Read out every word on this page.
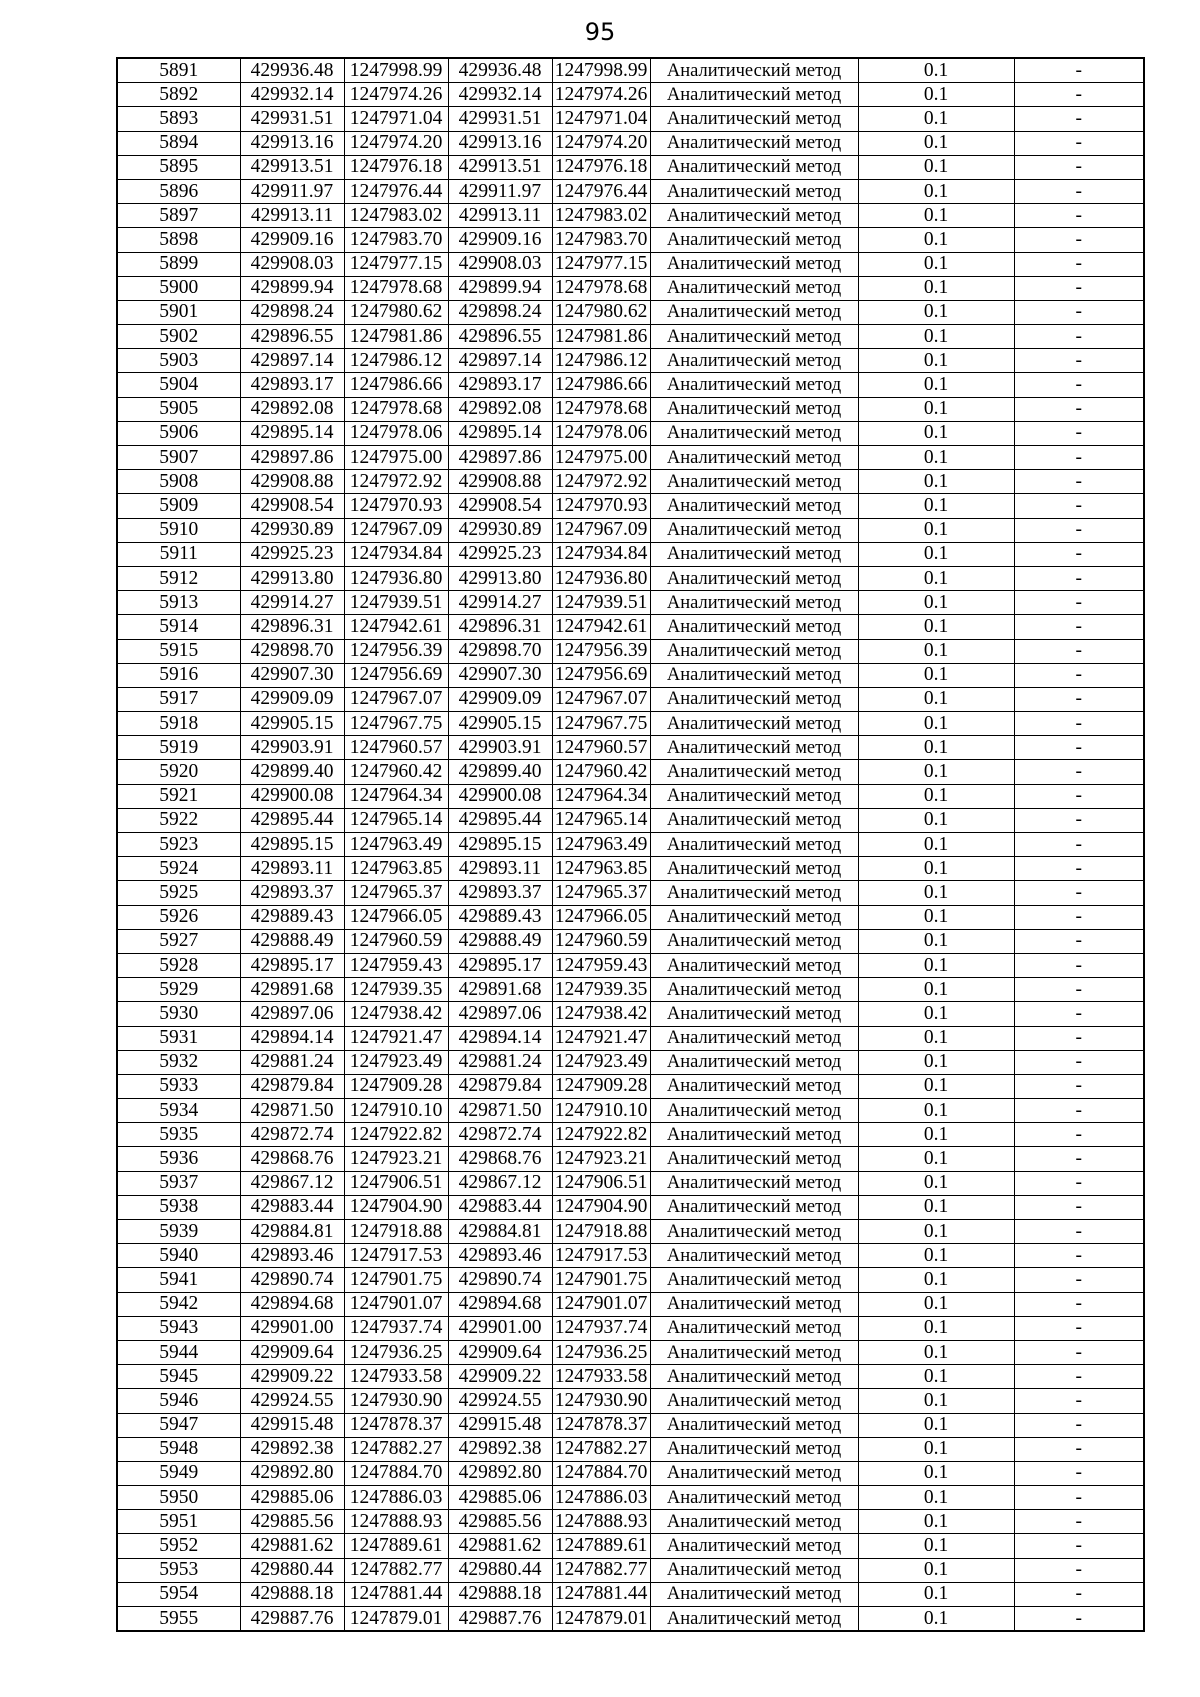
95
5891	429936.48	1247998.99	429936.48	1247998.99	Аналитический метод	0.1	-
5892	429932.14	1247974.26	429932.14	1247974.26	Аналитический метод	0.1	-
5893	429931.51	1247971.04	429931.51	1247971.04	Аналитический метод	0.1	-
5894	429913.16	1247974.20	429913.16	1247974.20	Аналитический метод	0.1	-
5895	429913.51	1247976.18	429913.51	1247976.18	Аналитический метод	0.1	-
5896	429911.97	1247976.44	429911.97	1247976.44	Аналитический метод	0.1	-
5897	429913.11	1247983.02	429913.11	1247983.02	Аналитический метод	0.1	-
5898	429909.16	1247983.70	429909.16	1247983.70	Аналитический метод	0.1	-
5899	429908.03	1247977.15	429908.03	1247977.15	Аналитический метод	0.1	-
5900	429899.94	1247978.68	429899.94	1247978.68	Аналитический метод	0.1	-
5901	429898.24	1247980.62	429898.24	1247980.62	Аналитический метод	0.1	-
5902	429896.55	1247981.86	429896.55	1247981.86	Аналитический метод	0.1	-
5903	429897.14	1247986.12	429897.14	1247986.12	Аналитический метод	0.1	-
5904	429893.17	1247986.66	429893.17	1247986.66	Аналитический метод	0.1	-
5905	429892.08	1247978.68	429892.08	1247978.68	Аналитический метод	0.1	-
5906	429895.14	1247978.06	429895.14	1247978.06	Аналитический метод	0.1	-
5907	429897.86	1247975.00	429897.86	1247975.00	Аналитический метод	0.1	-
5908	429908.88	1247972.92	429908.88	1247972.92	Аналитический метод	0.1	-
5909	429908.54	1247970.93	429908.54	1247970.93	Аналитический метод	0.1	-
5910	429930.89	1247967.09	429930.89	1247967.09	Аналитический метод	0.1	-
5911	429925.23	1247934.84	429925.23	1247934.84	Аналитический метод	0.1	-
5912	429913.80	1247936.80	429913.80	1247936.80	Аналитический метод	0.1	-
5913	429914.27	1247939.51	429914.27	1247939.51	Аналитический метод	0.1	-
5914	429896.31	1247942.61	429896.31	1247942.61	Аналитический метод	0.1	-
5915	429898.70	1247956.39	429898.70	1247956.39	Аналитический метод	0.1	-
5916	429907.30	1247956.69	429907.30	1247956.69	Аналитический метод	0.1	-
5917	429909.09	1247967.07	429909.09	1247967.07	Аналитический метод	0.1	-
5918	429905.15	1247967.75	429905.15	1247967.75	Аналитический метод	0.1	-
5919	429903.91	1247960.57	429903.91	1247960.57	Аналитический метод	0.1	-
5920	429899.40	1247960.42	429899.40	1247960.42	Аналитический метод	0.1	-
5921	429900.08	1247964.34	429900.08	1247964.34	Аналитический метод	0.1	-
5922	429895.44	1247965.14	429895.44	1247965.14	Аналитический метод	0.1	-
5923	429895.15	1247963.49	429895.15	1247963.49	Аналитический метод	0.1	-
5924	429893.11	1247963.85	429893.11	1247963.85	Аналитический метод	0.1	-
5925	429893.37	1247965.37	429893.37	1247965.37	Аналитический метод	0.1	-
5926	429889.43	1247966.05	429889.43	1247966.05	Аналитический метод	0.1	-
5927	429888.49	1247960.59	429888.49	1247960.59	Аналитический метод	0.1	-
5928	429895.17	1247959.43	429895.17	1247959.43	Аналитический метод	0.1	-
5929	429891.68	1247939.35	429891.68	1247939.35	Аналитический метод	0.1	-
5930	429897.06	1247938.42	429897.06	1247938.42	Аналитический метод	0.1	-
5931	429894.14	1247921.47	429894.14	1247921.47	Аналитический метод	0.1	-
5932	429881.24	1247923.49	429881.24	1247923.49	Аналитический метод	0.1	-
5933	429879.84	1247909.28	429879.84	1247909.28	Аналитический метод	0.1	-
5934	429871.50	1247910.10	429871.50	1247910.10	Аналитический метод	0.1	-
5935	429872.74	1247922.82	429872.74	1247922.82	Аналитический метод	0.1	-
5936	429868.76	1247923.21	429868.76	1247923.21	Аналитический метод	0.1	-
5937	429867.12	1247906.51	429867.12	1247906.51	Аналитический метод	0.1	-
5938	429883.44	1247904.90	429883.44	1247904.90	Аналитический метод	0.1	-
5939	429884.81	1247918.88	429884.81	1247918.88	Аналитический метод	0.1	-
5940	429893.46	1247917.53	429893.46	1247917.53	Аналитический метод	0.1	-
5941	429890.74	1247901.75	429890.74	1247901.75	Аналитический метод	0.1	-
5942	429894.68	1247901.07	429894.68	1247901.07	Аналитический метод	0.1	-
5943	429901.00	1247937.74	429901.00	1247937.74	Аналитический метод	0.1	-
5944	429909.64	1247936.25	429909.64	1247936.25	Аналитический метод	0.1	-
5945	429909.22	1247933.58	429909.22	1247933.58	Аналитический метод	0.1	-
5946	429924.55	1247930.90	429924.55	1247930.90	Аналитический метод	0.1	-
5947	429915.48	1247878.37	429915.48	1247878.37	Аналитический метод	0.1	-
5948	429892.38	1247882.27	429892.38	1247882.27	Аналитический метод	0.1	-
5949	429892.80	1247884.70	429892.80	1247884.70	Аналитический метод	0.1	-
5950	429885.06	1247886.03	429885.06	1247886.03	Аналитический метод	0.1	-
5951	429885.56	1247888.93	429885.56	1247888.93	Аналитический метод	0.1	-
5952	429881.62	1247889.61	429881.62	1247889.61	Аналитический метод	0.1	-
5953	429880.44	1247882.77	429880.44	1247882.77	Аналитический метод	0.1	-
5954	429888.18	1247881.44	429888.18	1247881.44	Аналитический метод	0.1	-
5955	429887.76	1247879.01	429887.76	1247879.01	Аналитический метод	0.1	-
